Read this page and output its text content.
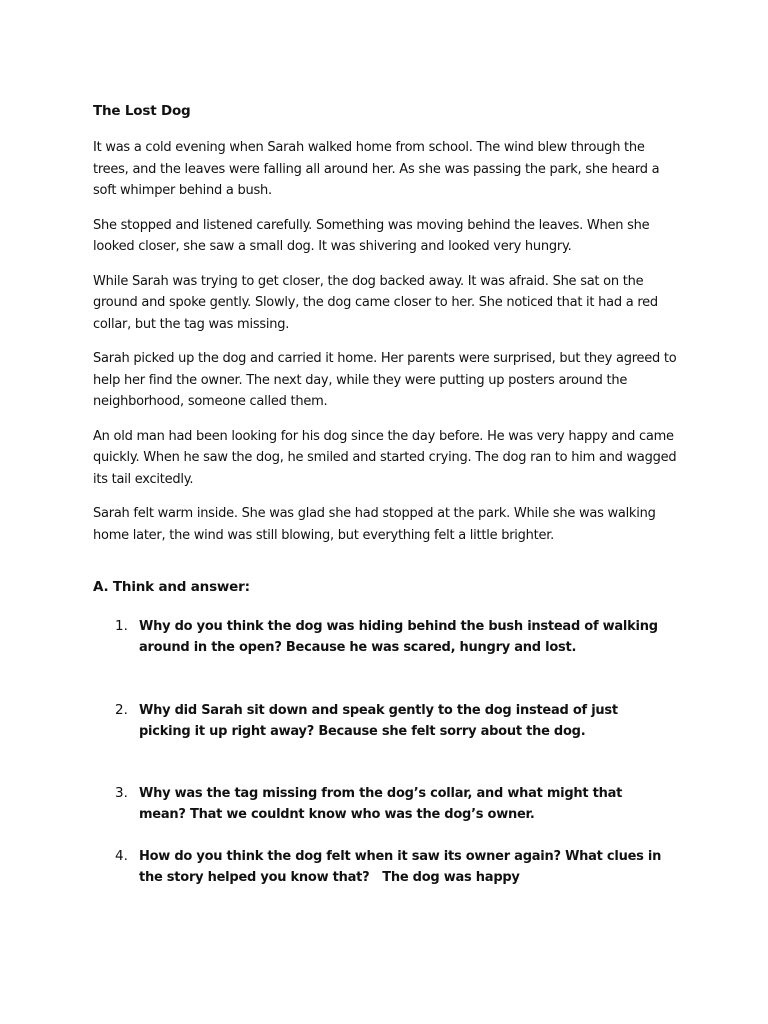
The Lost Dog

It was a cold evening when Sarah walked home from school. The wind blew through the trees, and the leaves were falling all around her. As she was passing the park, she heard a soft whimper behind a bush.

She stopped and listened carefully. Something was moving behind the leaves. When she looked closer, she saw a small dog. It was shivering and looked very hungry.

While Sarah was trying to get closer, the dog backed away. It was afraid. She sat on the ground and spoke gently. Slowly, the dog came closer to her. She noticed that it had a red collar, but the tag was missing.

Sarah picked up the dog and carried it home. Her parents were surprised, but they agreed to help her find the owner. The next day, while they were putting up posters around the neighborhood, someone called them.

An old man had been looking for his dog since the day before. He was very happy and came quickly. When he saw the dog, he smiled and started crying. The dog ran to him and wagged its tail excitedly.

Sarah felt warm inside. She was glad she had stopped at the park. While she was walking home later, the wind was still blowing, but everything felt a little brighter.

A. Think and answer:
1. Why do you think the dog was hiding behind the bush instead of walking around in the open? Because he was scared, hungry and lost.
2. Why did Sarah sit down and speak gently to the dog instead of just picking it up right away? Because she felt sorry about the dog.
3. Why was the tag missing from the dog’s collar, and what might that mean? That we couldnt know who was the dog’s owner.
4. How do you think the dog felt when it saw its owner again? What clues in the story helped you know that? The dog was happy
